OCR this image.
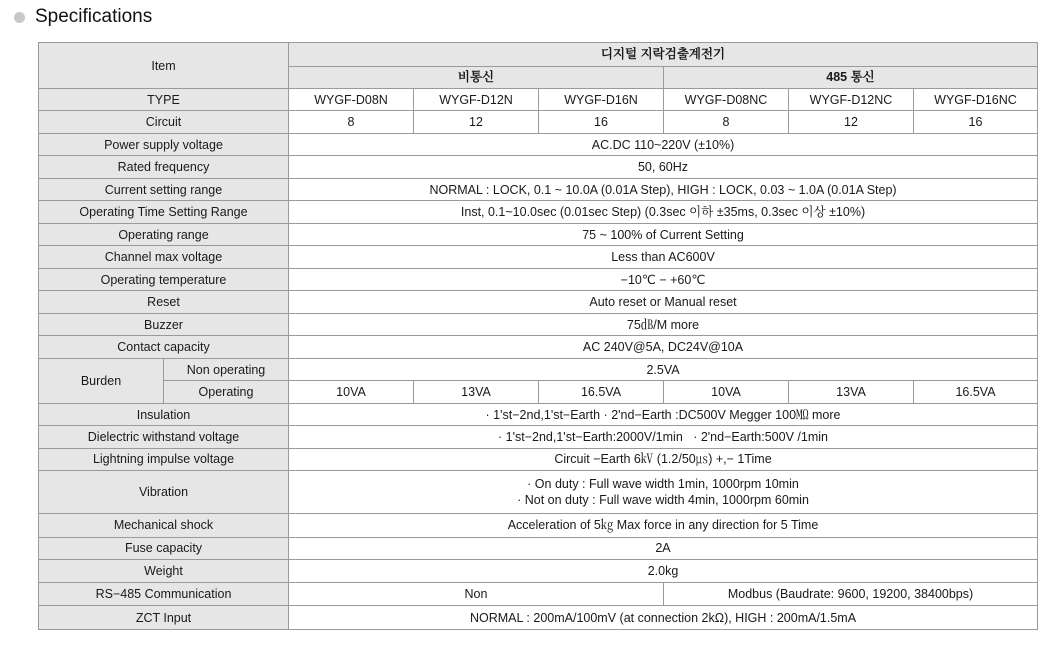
Specifications
Item		디지털 지락검출계전기					
		비통신			485 통신		
TYPE		WYGF-D08N	WYGF-D12N	WYGF-D16N	WYGF-D08NC	WYGF-D12NC	WYGF-D16NC
Circuit		8	12	16	8	12	16
Power supply voltage		AC.DC 110~220V (±10%)					
Rated frequency		50, 60Hz					
Current setting range		NORMAL : LOCK, 0.1 ~ 10.0A (0.01A Step), HIGH : LOCK, 0.03 ~ 1.0A (0.01A Step)					
Operating Time Setting Range		Inst, 0.1~10.0sec (0.01sec Step) (0.3sec 이하 ±35ms, 0.3sec 이상 ±10%)					
Operating range		75 ~ 100% of Current Setting					
Channel max voltage		Less than AC600V					
Operating temperature		−10℃ − +60℃					
Reset		Auto reset or Manual reset					
Buzzer		75㏈/M more					
Contact capacity		AC 240V@5A, DC24V@10A					
Burden	Non operating	2.5VA					
	Operating	10VA	13VA	16.5VA	10VA	13VA	16.5VA
Insulation		· 1'st−2nd,1'st−Earth · 2'nd−Earth :DC500V Megger 100㏁ more					
Dielectric withstand voltage		· 1'st−2nd,1'st−Earth:2000V/1min   · 2'nd−Earth:500V /1min					
Lightning impulse voltage		Circuit −Earth 6㎸ (1.2/50㎲) +,− 1Time					
Vibration		· On duty : Full wave width 1min, 1000rpm 10min
· Not on duty : Full wave width 4min, 1000rpm 60min					

Mechanical shock		Acceleration of 5㎏ Max force in any direction for 5 Time					
Fuse capacity		2A					
Weight		2.0kg					
RS−485 Communication		Non			Modbus (Baudrate: 9600, 19200, 38400bps)		
ZCT Input		NORMAL : 200mA/100mV (at connection 2kΩ), HIGH : 200mA/1.5mA					
